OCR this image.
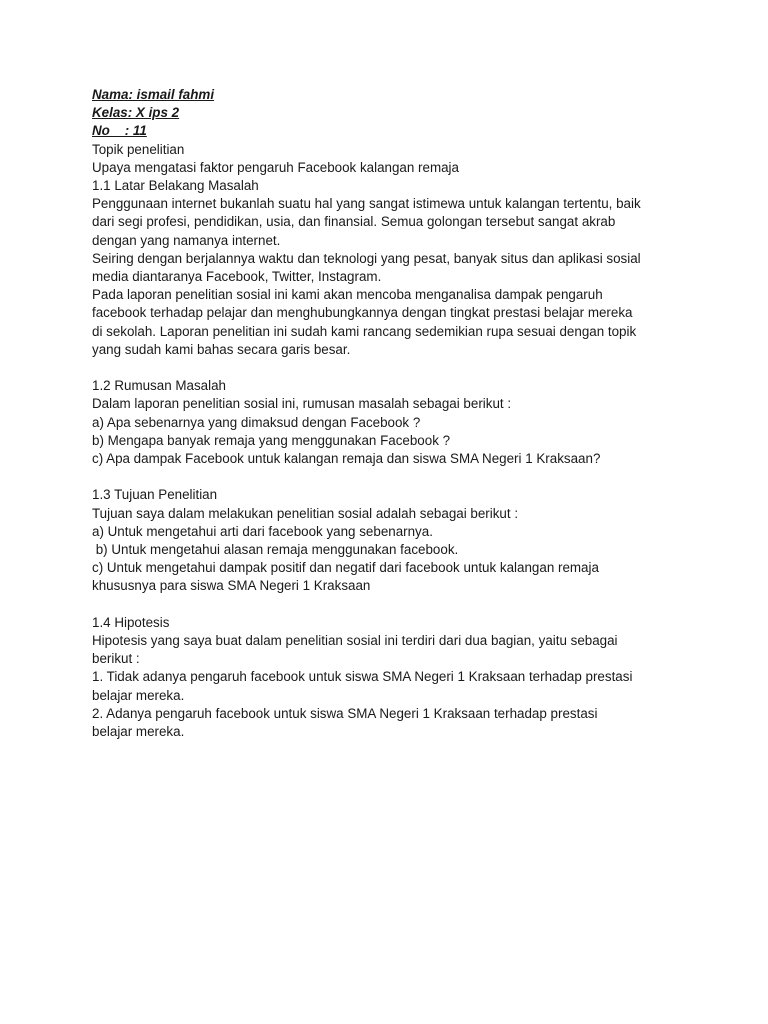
Nama: ismail fahmi
Kelas: X ips 2
No    : 11
Topik penelitian
Upaya mengatasi faktor pengaruh Facebook kalangan remaja
1.1 Latar Belakang Masalah
Penggunaan internet bukanlah suatu hal yang sangat istimewa untuk kalangan tertentu, baik
dari segi profesi, pendidikan, usia, dan finansial. Semua golongan tersebut sangat akrab
dengan yang namanya internet.
Seiring dengan berjalannya waktu dan teknologi yang pesat, banyak situs dan aplikasi sosial
media diantaranya Facebook, Twitter, Instagram.
Pada laporan penelitian sosial ini kami akan mencoba menganalisa dampak pengaruh
facebook terhadap pelajar dan menghubungkannya dengan tingkat prestasi belajar mereka
di sekolah. Laporan penelitian ini sudah kami rancang sedemikian rupa sesuai dengan topik
yang sudah kami bahas secara garis besar.
1.2 Rumusan Masalah
Dalam laporan penelitian sosial ini, rumusan masalah sebagai berikut :
a) Apa sebenarnya yang dimaksud dengan Facebook ?
b) Mengapa banyak remaja yang menggunakan Facebook ?
c) Apa dampak Facebook untuk kalangan remaja dan siswa SMA Negeri 1 Kraksaan?
1.3 Tujuan Penelitian
Tujuan saya dalam melakukan penelitian sosial adalah sebagai berikut :
a) Untuk mengetahui arti dari facebook yang sebenarnya.
b) Untuk mengetahui alasan remaja menggunakan facebook.
c) Untuk mengetahui dampak positif dan negatif dari facebook untuk kalangan remaja
khususnya para siswa SMA Negeri 1 Kraksaan
1.4 Hipotesis
Hipotesis yang saya buat dalam penelitian sosial ini terdiri dari dua bagian, yaitu sebagai
berikut :
1. Tidak adanya pengaruh facebook untuk siswa SMA Negeri 1 Kraksaan terhadap prestasi
belajar mereka.
2. Adanya pengaruh facebook untuk siswa SMA Negeri 1 Kraksaan terhadap prestasi
belajar mereka.
